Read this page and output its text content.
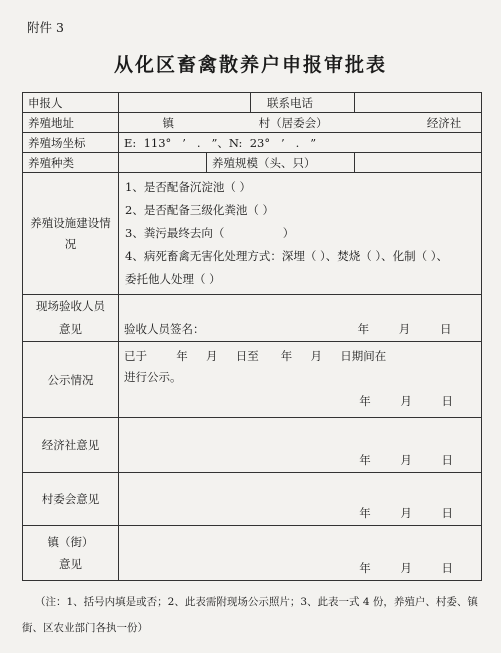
附件 3
从化区畜禽散养户申报审批表
申报人			联系电话	
养殖地址	镇 村（居委会） 经济社			
养殖场坐标	E:  113°   ’   .   ”、N:  23°   ’   .   ”			
养殖种类		养殖规模（头、只）		
养殖设施建设情况	1、是否配备沉淀池（ ）
2、是否配备三级化粪池（ ）
3、粪污最终去向（                ）
4、病死畜禽无害化处理方式：深埋（ ）、焚烧（ ）、化制（ ）、
委托他人处理（ ）			

现场验收人员
意见	验收人员签名： 年 月 日			
公示情况	已于        年     月     日至      年     月     日期间在
进行公示。
年 月 日			

经济社意见	年 月 日			

村委会意见	年 月 日			

镇（街）
意见	年 月 日			
（注：1、括号内填是或否；2、此表需附现场公示照片；3、此表一式 4 份，养殖户、村委、镇街、区农业部门各执一份）
